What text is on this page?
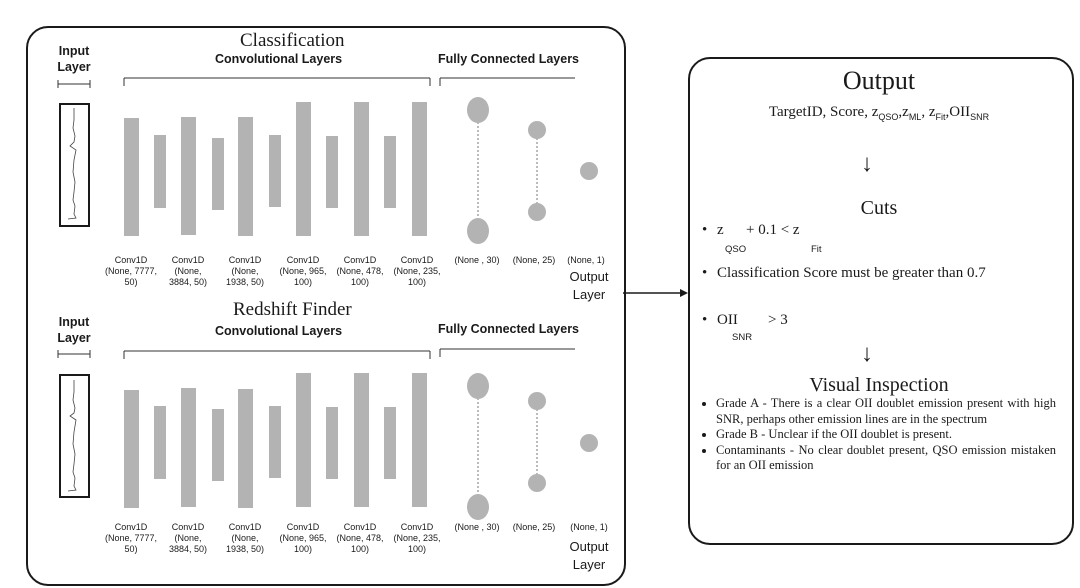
Classification
Input
Layer
Convolutional Layers	Fully Connected Layers
Conv1D
(None, 7777,
50)
Conv1D
(None,
3884, 50)
Conv1D
(None,
1938, 50)
Conv1D
(None, 965,
100)
Conv1D
(None, 478,
100)
Conv1D
(None, 235,
100)
(None , 30)	(None, 25)	(None, 1)
Output
Layer
Redshift Finder
Input
Layer	Convolutional Layers	Fully Connected Layers
Conv1D
(None, 7777,
50)
Conv1D
(None,
3884, 50)
Conv1D
(None,
1938, 50)
Conv1D
(None, 965,
100)
Conv1D
(None, 478,
100)
Conv1D
(None, 235,
100)
(None , 30)	(None, 25)	(None, 1)
Output
Layer
Output
TargetID, Score, $z_{QSO},z_{ML}$, $z_{Fit},OII_{SNR}$
↓
Cuts
• z
QSO
+ 0.1 < z
Fit
• Classification Score must be greater than 0.7
• OII
SNR
> 3
↓
Visual Inspection
• Grade A - There is a clear OII doublet emission present with high SNR, perhaps other emission lines are in the spectrum
• Grade B - Unclear if the OII doublet is present.
• Contaminants - No clear doublet present, QSO emission mistaken for an OII emission
